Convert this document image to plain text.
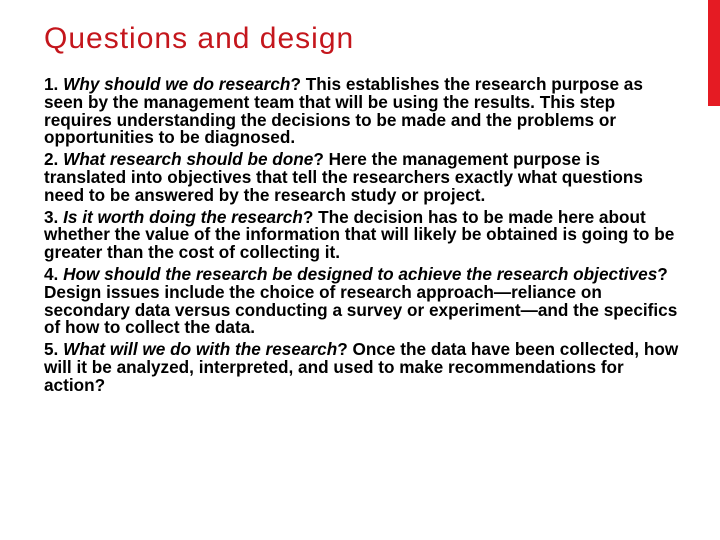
Questions and design

1. Why should we do research? This establishes the research purpose as seen by the management team that will be using the results. This step requires understanding the decisions to be made and the problems or opportunities to be diagnosed.

2. What research should be done? Here the management purpose is translated into objectives that tell the researchers exactly what questions need to be answered by the research study or project.

3. Is it worth doing the research? The decision has to be made here about whether the value of the information that will likely be obtained is going to be greater than the cost of collecting it.

4. How should the research be designed to achieve the research objectives? Design issues include the choice of research approach—reliance on secondary data versus conducting a survey or experiment—and the specifics of how to collect the data.

5. What will we do with the research? Once the data have been collected, how will it be analyzed, interpreted, and used to make recommendations for action?
